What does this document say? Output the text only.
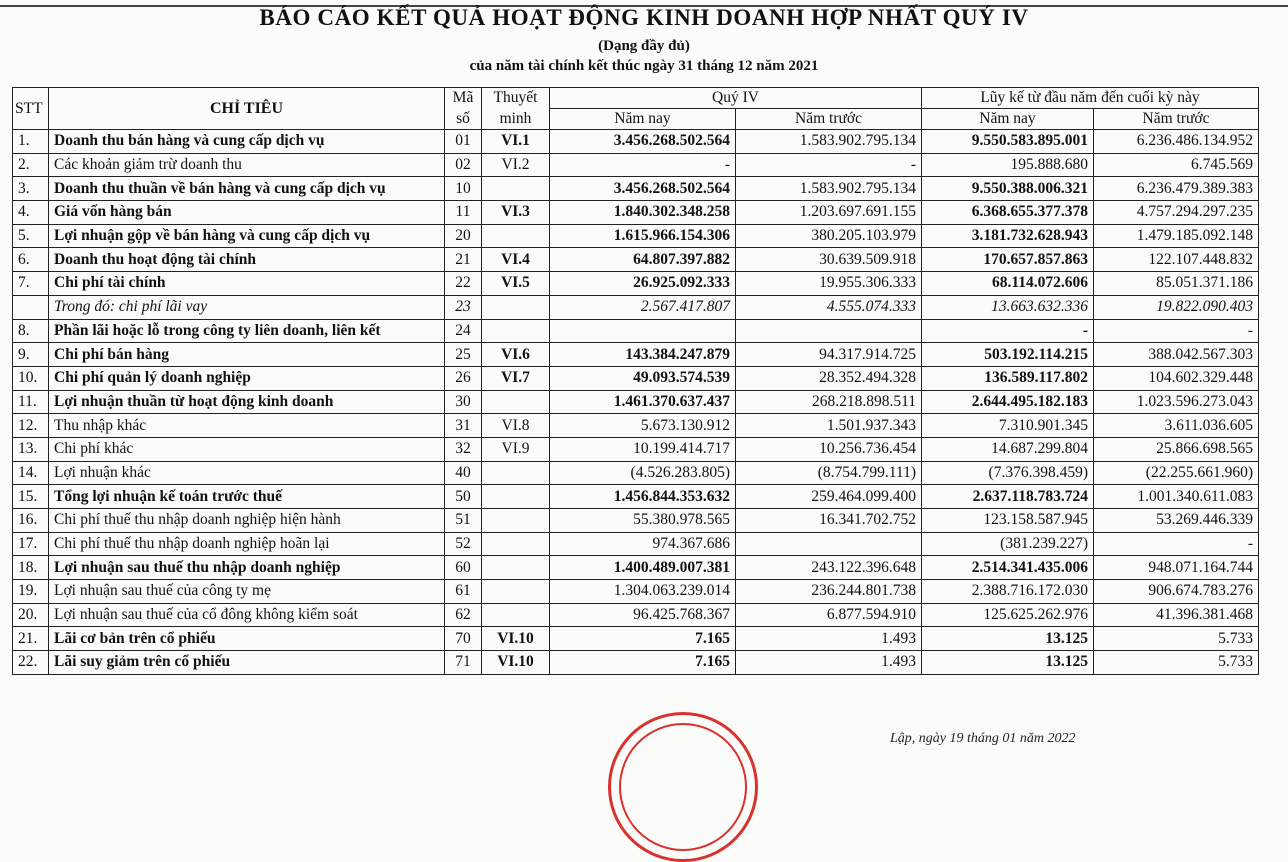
BÁO CÁO KẾT QUẢ HOẠT ĐỘNG KINH DOANH HỢP NHẤT QUÝ IV
(Dạng đầy đủ)
của năm tài chính kết thúc ngày 31 tháng 12 năm 2021
STT	CHỈ TIÊU	Mã	Thuyết	Quý IV		Lũy kế từ đầu năm đến cuối kỳ này	
		số	minh	Năm nay	Năm trước	Năm nay	Năm trước
1.	Doanh thu bán hàng và cung cấp dịch vụ	01	VI.1	3.456.268.502.564	1.583.902.795.134	9.550.583.895.001	6.236.486.134.952
2.	Các khoản giảm trừ doanh thu	02	VI.2	-	-	195.888.680	6.745.569
3.	Doanh thu thuần về bán hàng và cung cấp dịch vụ	10		3.456.268.502.564	1.583.902.795.134	9.550.388.006.321	6.236.479.389.383
4.	Giá vốn hàng bán	11	VI.3	1.840.302.348.258	1.203.697.691.155	6.368.655.377.378	4.757.294.297.235
5.	Lợi nhuận gộp về bán hàng và cung cấp dịch vụ	20		1.615.966.154.306	380.205.103.979	3.181.732.628.943	1.479.185.092.148
6.	Doanh thu hoạt động tài chính	21	VI.4	64.807.397.882	30.639.509.918	170.657.857.863	122.107.448.832
7.	Chi phí tài chính	22	VI.5	26.925.092.333	19.955.306.333	68.114.072.606	85.051.371.186
	Trong đó: chi phí lãi vay	23		2.567.417.807	4.555.074.333	13.663.632.336	19.822.090.403
8.	Phần lãi hoặc lỗ trong công ty liên doanh, liên kết	24				-	-
9.	Chi phí bán hàng	25	VI.6	143.384.247.879	94.317.914.725	503.192.114.215	388.042.567.303
10.	Chi phí quản lý doanh nghiệp	26	VI.7	49.093.574.539	28.352.494.328	136.589.117.802	104.602.329.448
11.	Lợi nhuận thuần từ hoạt động kinh doanh	30		1.461.370.637.437	268.218.898.511	2.644.495.182.183	1.023.596.273.043
12.	Thu nhập khác	31	VI.8	5.673.130.912	1.501.937.343	7.310.901.345	3.611.036.605
13.	Chi phí khác	32	VI.9	10.199.414.717	10.256.736.454	14.687.299.804	25.866.698.565
14.	Lợi nhuận khác	40		(4.526.283.805)	(8.754.799.111)	(7.376.398.459)	(22.255.661.960)
15.	Tổng lợi nhuận kế toán trước thuế	50		1.456.844.353.632	259.464.099.400	2.637.118.783.724	1.001.340.611.083
16.	Chi phí thuế thu nhập doanh nghiệp hiện hành	51		55.380.978.565	16.341.702.752	123.158.587.945	53.269.446.339
17.	Chi phí thuế thu nhập doanh nghiệp hoãn lại	52		974.367.686		(381.239.227)	-
18.	Lợi nhuận sau thuế thu nhập doanh nghiệp	60		1.400.489.007.381	243.122.396.648	2.514.341.435.006	948.071.164.744
19.	Lợi nhuận sau thuế của công ty mẹ	61		1.304.063.239.014	236.244.801.738	2.388.716.172.030	906.674.783.276
20.	Lợi nhuận sau thuế của cổ đông không kiểm soát	62		96.425.768.367	6.877.594.910	125.625.262.976	41.396.381.468
21.	Lãi cơ bản trên cổ phiếu	70	VI.10	7.165	1.493	13.125	5.733
22.	Lãi suy giảm trên cổ phiếu	71	VI.10	7.165	1.493	13.125	5.733
Lập, ngày 19 tháng 01 năm 2022
